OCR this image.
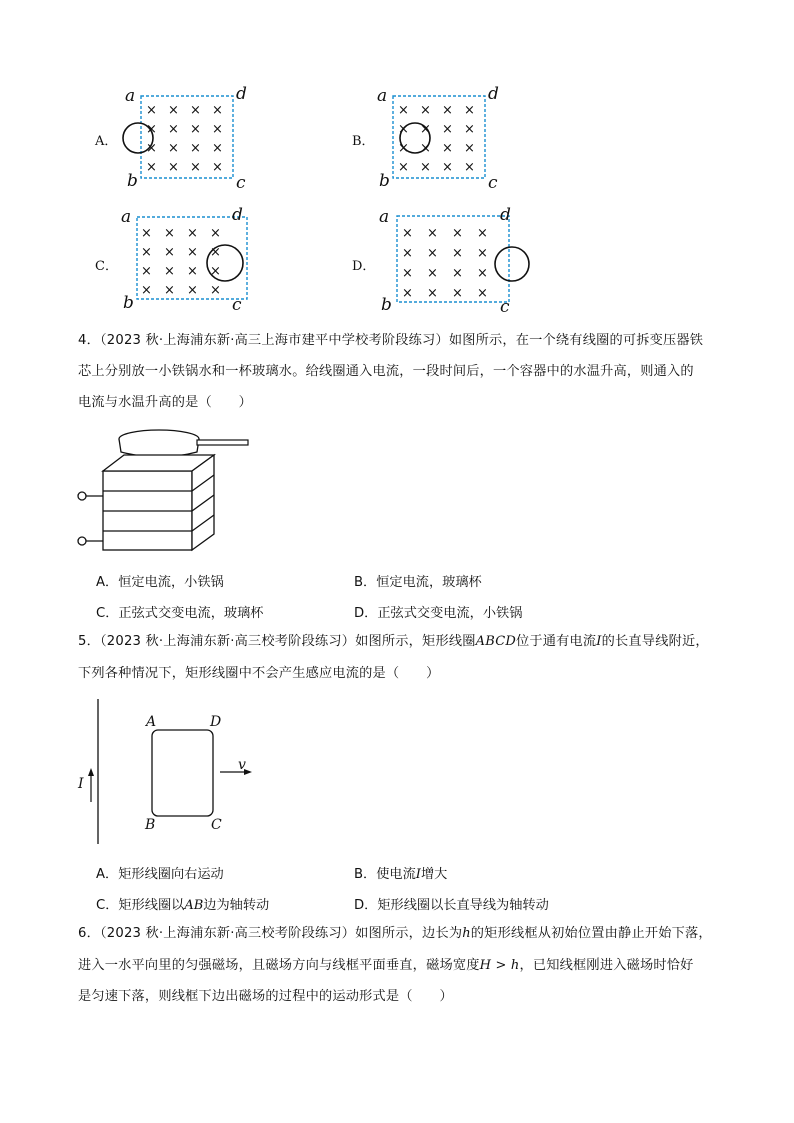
A．
× × × ×
× × × ×
× × × ×
× × × ×
a
b	c
d
B．
× × × ×
× × × ×
× × × ×
× × × ×
a
b	c
d
C．
× × × ×
× × × ×
× × × ×
× × × ×
a
b	c
d
D．
× × × ×
× × × ×
× × × ×
× × × ×
a
b	c
d
4．（2023 秋·上海浦东新·高三上海市建平中学校考阶段练习）如图所示，在一个绕有线圈的可拆变压器铁
芯上分别放一小铁锅水和一杯玻璃水。给线圈通入电流，一段时间后，一个容器中的水温升高，则通入的
电流与水温升高的是（　　）
A．恒定电流，小铁锅	B．恒定电流，玻璃杯
C．正弦式交变电流，玻璃杯	D．正弦式交变电流，小铁锅
5．（2023 秋·上海浦东新·高三校考阶段练习）如图所示，矩形线圈ABCD位于通有电流I的长直导线附近，
下列各种情况下，矩形线圈中不会产生感应电流的是（　　）
A	D
B	C
I
v
A．矩形线圈向右运动	B．使电流I增大
C．矩形线圈以AB边为轴转动	D．矩形线圈以长直导线为轴转动
6．（2023 秋·上海浦东新·高三校考阶段练习）如图所示，边长为h的矩形线框从初始位置由静止开始下落，
进入一水平向里的匀强磁场，且磁场方向与线框平面垂直，磁场宽度H > h，已知线框刚进入磁场时恰好
是匀速下落，则线框下边出磁场的过程中的运动形式是（　　）
